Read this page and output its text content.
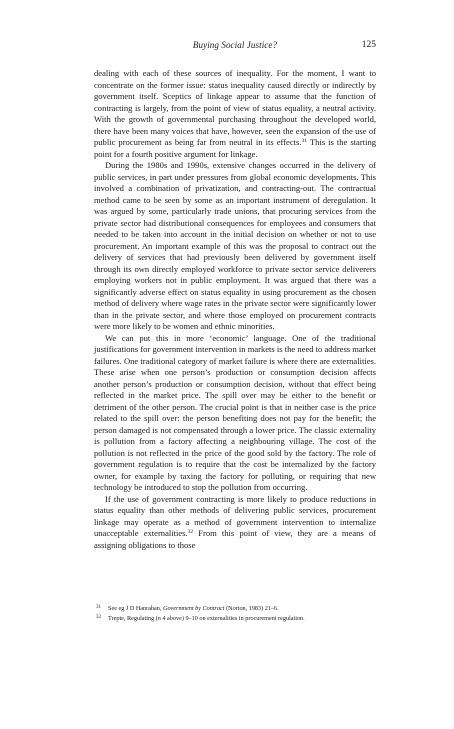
Buying Social Justice?	125

dealing with each of these sources of inequality. For the moment, I want to concentrate on the former issue: status inequality caused directly or indirectly by government itself. Sceptics of linkage appear to assume that the function of contracting is largely, from the point of view of status equality, a neutral activity. With the growth of governmental purchasing throughout the developed world, there have been many voices that have, however, seen the expansion of the use of public procurement as being far from neutral in its effects.$^{31}$ This is the starting point for a fourth positive argument for linkage.

During the 1980s and 1990s, extensive changes occurred in the delivery of public services, in part under pressures from global economic developments. This involved a combination of privatization, and contracting-out. The contractual method came to be seen by some as an important instrument of deregulation. It was argued by some, particularly trade unions, that procuring services from the private sector had distributional consequences for employees and consumers that needed to be taken into account in the initial decision on whether or not to use procurement. An important example of this was the proposal to contract out the delivery of services that had previously been delivered by government itself through its own directly employed workforce to private sector service deliverers employing workers not in public employment. It was argued that there was a significantly adverse effect on status equality in using procurement as the chosen method of delivery where wage rates in the private sector were significantly lower than in the private sector, and where those employed on procurement contracts were more likely to be women and ethnic minorities.

We can put this in more ‘economic’ language. One of the traditional justifications for government intervention in markets is the need to address market failures. One traditional category of market failure is where there are externalities. These arise when one person’s production or consumption decision affects another person’s production or consumption decision, without that effect being reflected in the market price. The spill over may be either to the benefit or detriment of the other person. The crucial point is that in neither case is the price related to the spill over: the person benefiting does not pay for the benefit; the person damaged is not compensated through a lower price. The classic externality is pollution from a factory affecting a neighbouring village. The cost of the pollution is not reflected in the price of the good sold by the factory. The role of government regulation is to require that the cost be internalized by the factory owner, for example by taxing the factory for polluting, or requiring that new technology be introduced to stop the pollution from occurring.

If the use of government contracting is more likely to produce reductions in status equality than other methods of delivering public services, procurement linkage may operate as a method of government intervention to internalize unacceptable externalities.$^{32}$ From this point of view, they are a means of assigning obligations to those

31 See eg J D Hanrahan, Government by Contract (Norton, 1983) 21–6.
32 Trepte, Regulating (n 4 above) 9–10 on externalities in procurement regulation.
